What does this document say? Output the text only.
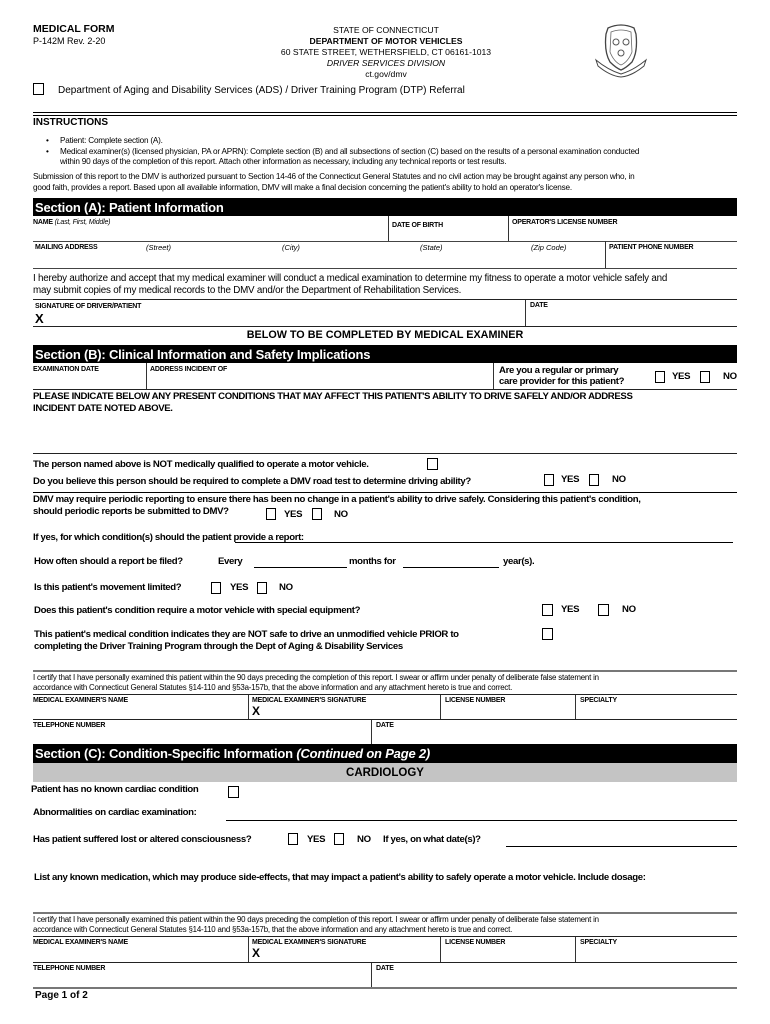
MEDICAL FORM
P-142M Rev. 2-20
STATE OF CONNECTICUT
DEPARTMENT OF MOTOR VEHICLES
60 STATE STREET, WETHERSFIELD, CT 06161-1013
DRIVER SERVICES DIVISION
ct.gov/dmv
Department of Aging and Disability Services (ADS) / Driver Training Program (DTP) Referral
INSTRUCTIONS
• Patient: Complete section (A).
• Medical examiner(s) (licensed physician, PA or APRN): Complete section (B) and all subsections of section (C) based on the results of a personal examination conducted
within 90 days of the completion of this report. Attach other information as necessary, including any technical reports or test results.
Submission of this report to the DMV is authorized pursuant to Section 14-46 of the Connecticut General Statutes and no civil action may be brought against any person who, in
good faith, provides a report. Based upon all available information, DMV will make a final decision concerning the patient's ability to hold an operator's license.
Section (A): Patient Information
NAME (Last, First, Middle)	DATE OF BIRTH	OPERATOR'S LICENSE NUMBER
MAILING ADDRESS	(Street)	(City)	(State)	(Zip Code)	PATIENT PHONE NUMBER
I hereby authorize and accept that my medical examiner will conduct a medical examination to determine my fitness to operate a motor vehicle safely and
may submit copies of my medical records to the DMV and/or the Department of Rehabilitation Services.
SIGNATURE OF DRIVER/PATIENT
X
DATE
BELOW TO BE COMPLETED BY MEDICAL EXAMINER
Section (B): Clinical Information and Safety Implications
EXAMINATION DATE	ADDRESS INCIDENT OF	Are you a regular or primary
care provider for this patient?	YES	NO
PLEASE INDICATE BELOW ANY PRESENT CONDITIONS THAT MAY AFFECT THIS PATIENT'S ABILITY TO DRIVE SAFELY AND/OR ADDRESS
INCIDENT DATE NOTED ABOVE.
The person named above is NOT medically qualified to operate a motor vehicle.
Do you believe this person should be required to complete a DMV road test to determine driving ability?	YES	NO
DMV may require periodic reporting to ensure there has been no change in a patient's ability to drive safely. Considering this patient's condition,
should periodic reports be submitted to DMV?	YES	NO
If yes, for which condition(s) should the patient provide a report:
How often should a report be filed?	Every	months for	year(s).
Is this patient's movement limited?	YES	NO
Does this patient's condition require a motor vehicle with special equipment?	YES	NO
This patient's medical condition indicates they are NOT safe to drive an unmodified vehicle PRIOR to
completing the Driver Training Program through the Dept of Aging & Disability Services
I certify that I have personally examined this patient within the 90 days preceding the completion of this report. I swear or affirm under penalty of deliberate false statement in
accordance with Connecticut General Statutes §14-110 and §53a-157b, that the above information and any attachment hereto is true and correct.
MEDICAL EXAMINER'S NAME	MEDICAL EXAMINER'S SIGNATURE
X
LICENSE NUMBER	SPECIALTY
TELEPHONE NUMBER	DATE
Section (C): Condition-Specific Information (Continued on Page 2)
CARDIOLOGY
Patient has no known cardiac condition
Abnormalities on cardiac examination:
Has patient suffered lost or altered consciousness?	YES	NO If yes, on what date(s)?
List any known medication, which may produce side-effects, that may impact a patient's ability to safely operate a motor vehicle. Include dosage:
I certify that I have personally examined this patient within the 90 days preceding the completion of this report. I swear or affirm under penalty of deliberate false statement in
accordance with Connecticut General Statutes §14-110 and §53a-157b, that the above information and any attachment hereto is true and correct.
MEDICAL EXAMINER'S NAME	MEDICAL EXAMINER'S SIGNATURE
X
LICENSE NUMBER	SPECIALTY
TELEPHONE NUMBER	DATE
Page 1 of 2
